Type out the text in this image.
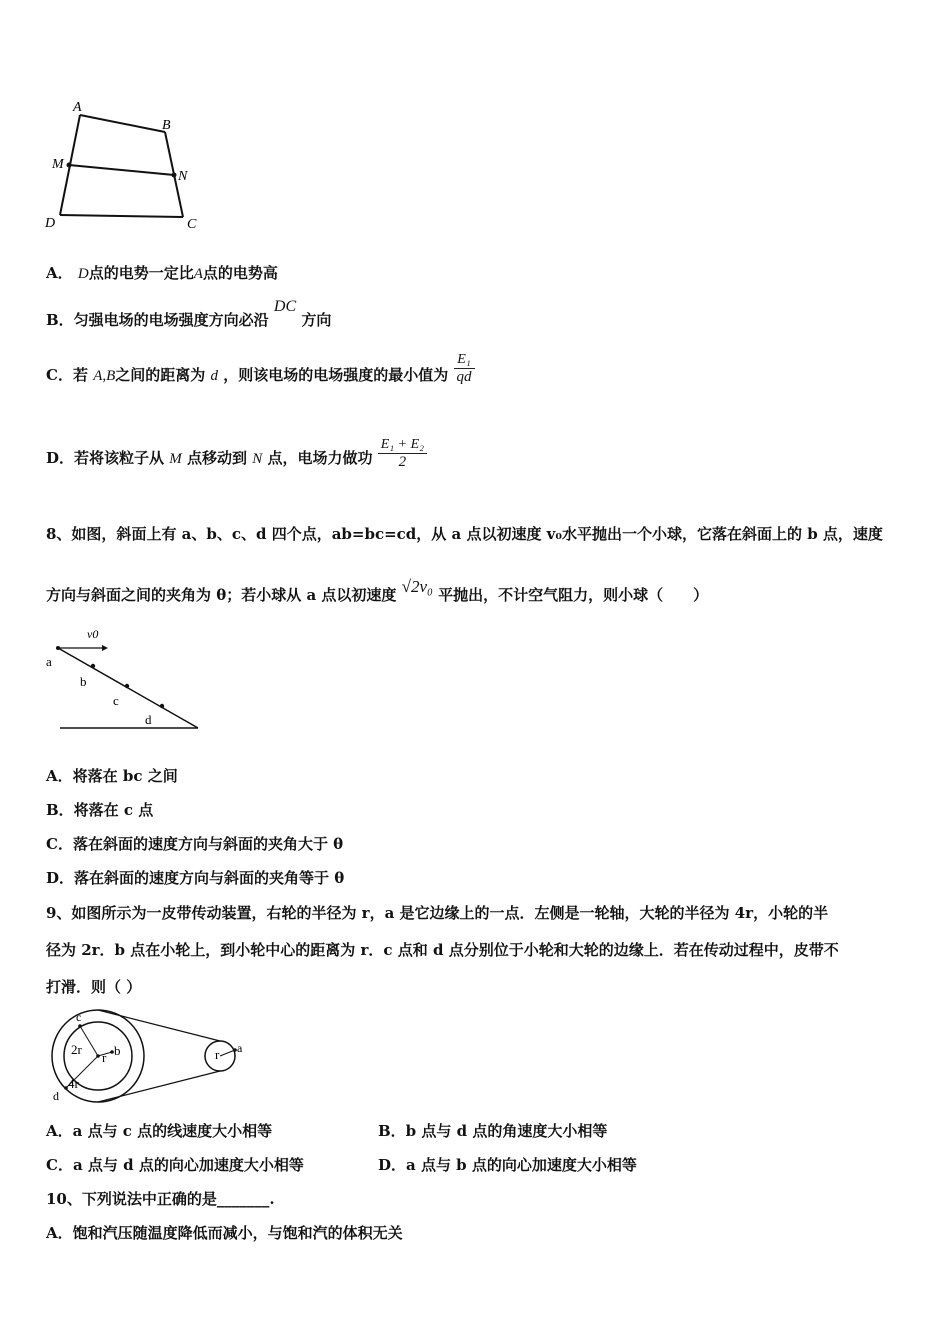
A
B
M
N
D	C
A． D点的电势一定比A点的电势高
B．匀强电场的电场强度方向必沿 DC 方向
C．若 A,B之间的距离为 d ，则该电场的电场强度的最小值为 $\frac{\text{E₁}}{qd}$
D．若将该粒子从 M 点移动到 N 点，电场力做功 $\frac{\text{E₁ + E₂}}{2}$
8、如图，斜面上有 a、b、c、d 四个点，ab=bc=cd，从 a 点以初速度 v₀水平抛出一个小球，它落在斜面上的 b 点，速度
方向与斜面之间的夹角为 θ；若小球从 a 点以初速度 √2v₀ 平抛出，不计空气阻力，则小球（　　）
v0
a
b
c
d
A．将落在 bc 之间
B．将落在 c 点
C．落在斜面的速度方向与斜面的夹角大于 θ
D．落在斜面的速度方向与斜面的夹角等于 θ
9、如图所示为一皮带传动装置，右轮的半径为 r，a 是它边缘上的一点．左侧是一轮轴，大轮的半径为 4r，小轮的半
径为 2r．b 点在小轮上，到小轮中心的距离为 r．c 点和 d 点分别位于小轮和大轮的边缘上．若在传动过程中，皮带不
打滑．则（ ）
c
2r
r b
4r
d
r a
A．a 点与 c 点的线速度大小相等	B．b 点与 d 点的角速度大小相等
C．a 点与 d 点的向心加速度大小相等	D．a 点与 b 点的向心加速度大小相等
10、下列说法中正确的是_______.
A．饱和汽压随温度降低而减小，与饱和汽的体积无关
